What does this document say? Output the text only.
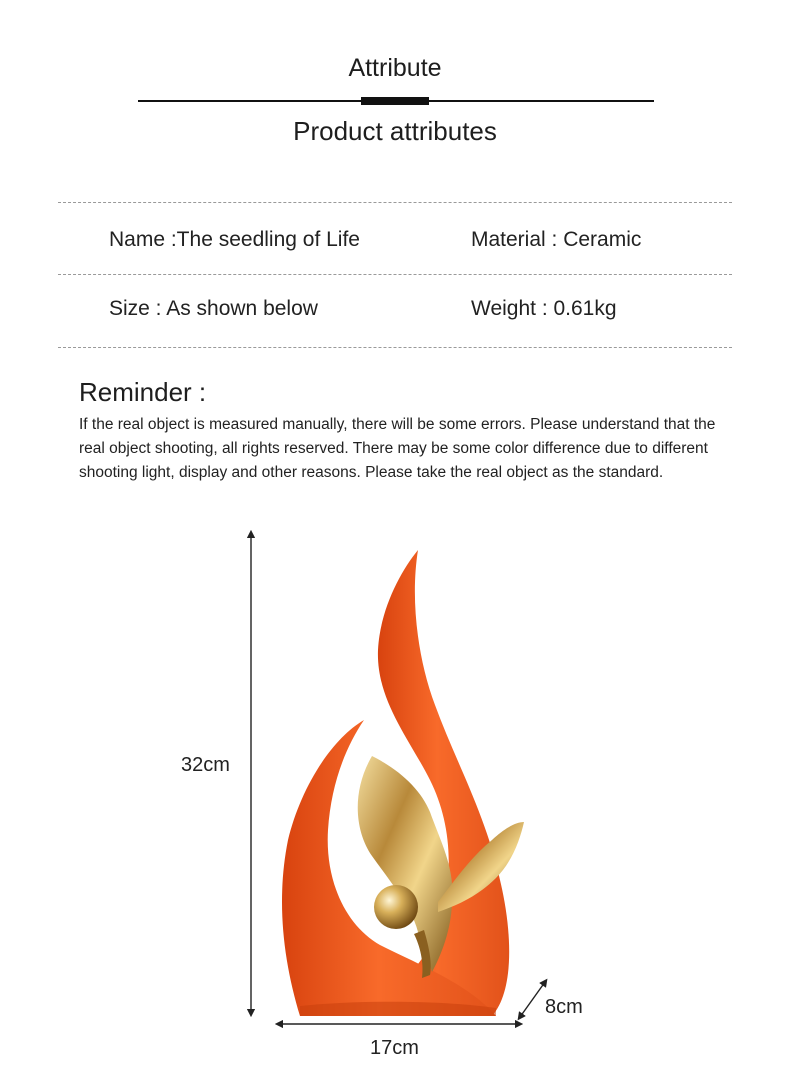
Attribute
Product attributes
Name :The seedling of Life	Material : Ceramic
Size : As shown below	Weight : 0.61kg
Reminder :
If the real object is measured manually, there will be some errors. Please understand that the real object shooting, all rights reserved. There may be some color difference due to different shooting light, display and other reasons. Please take the real object as the standard.
32cm
17cm
8cm
